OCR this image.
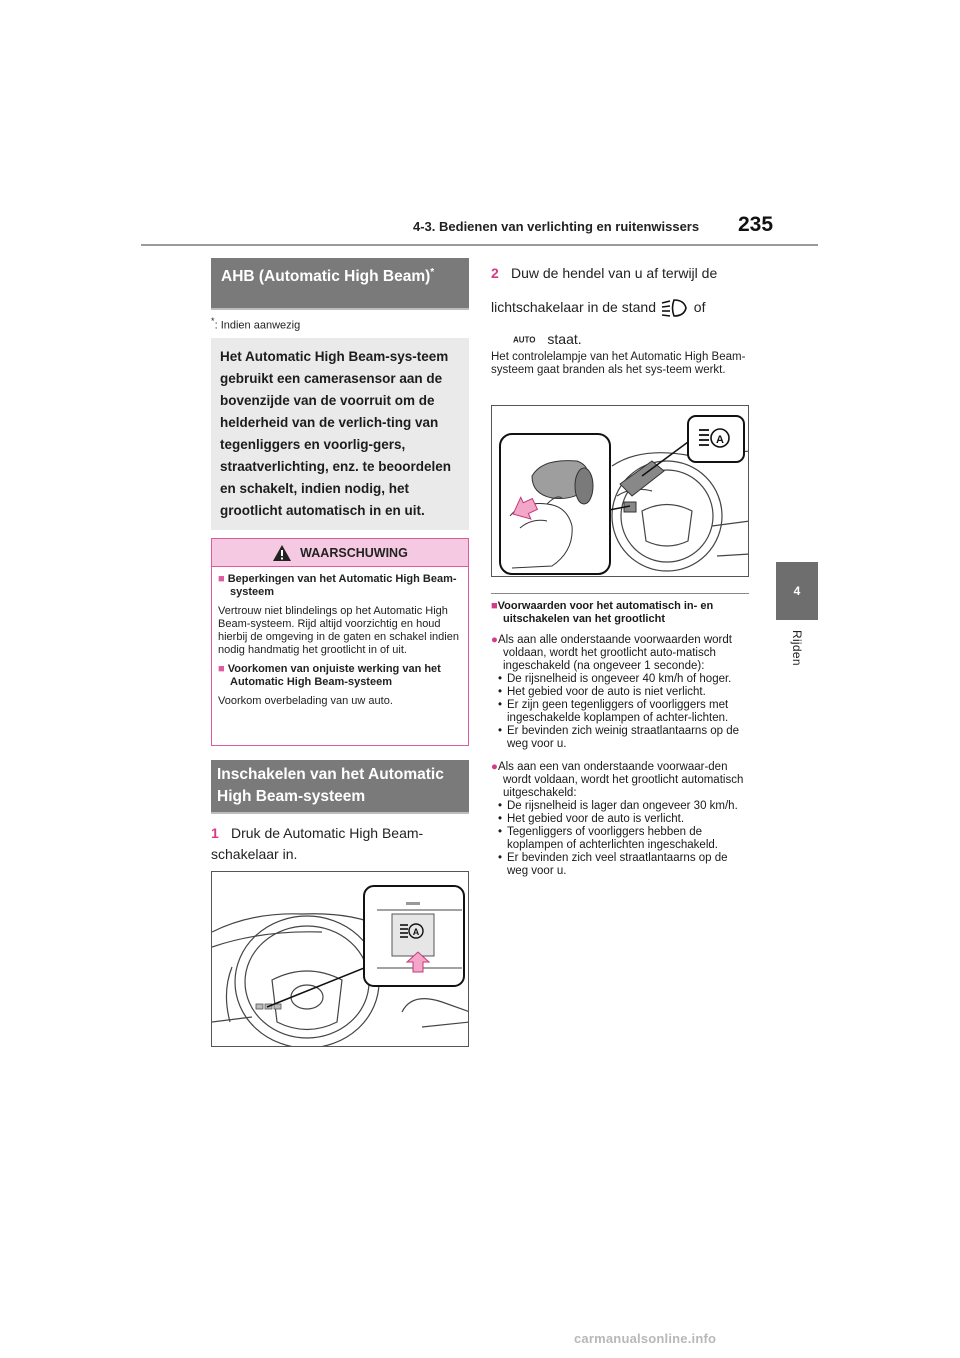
4-3. Bedienen van verlichting en ruitenwissers 235
4
Rijden
AHB (Automatic High Beam)*
*: Indien aanwezig
Het Automatic High Beam-sys-teem gebruikt een camerasensor aan de bovenzijde van de voorruit om de helderheid van de verlich-ting van tegenliggers en voorlig-gers, straatverlichting, enz. te beoordelen en schakelt, indien nodig, het grootlicht automatisch in en uit.
WAARSCHUWING

■ Beperkingen van het Automatic High Beam-systeem

Vertrouw niet blindelings op het Automatic High Beam-systeem. Rijd altijd voorzichtig en houd hierbij de omgeving in de gaten en schakel indien nodig handmatig het grootlicht in of uit.

■ Voorkomen van onjuiste werking van het Automatic High Beam-systeem

Voorkom overbelading van uw auto.

Inschakelen van het Automatic High Beam-systeem
1 Druk de Automatic High Beam-schakelaar in.
A
2 Duw de hendel van u af terwijl de lichtschakelaar in de stand	of
AUTO staat.
Het controlelampje van het Automatic High Beam-systeem gaat branden als het sys-teem werkt.
A

■Voorwaarden voor het automatisch in- en uitschakelen van het grootlicht

●Als aan alle onderstaande voorwaarden wordt voldaan, wordt het grootlicht auto-matisch ingeschakeld (na ongeveer 1 seconde):

• De rijsnelheid is ongeveer 40 km/h of hoger.
• Het gebied voor de auto is niet verlicht.
• Er zijn geen tegenliggers of voorliggers met ingeschakelde koplampen of achter-lichten.
• Er bevinden zich weinig straatlantaarns op de weg voor u.

●Als aan een van onderstaande voorwaar-den wordt voldaan, wordt het grootlicht automatisch uitgeschakeld:

• De rijsnelheid is lager dan ongeveer 30 km/h.
• Het gebied voor de auto is verlicht.
• Tegenliggers of voorliggers hebben de koplampen of achterlichten ingeschakeld.
• Er bevinden zich veel straatlantaarns op de weg voor u.
carmanualsonline.info
